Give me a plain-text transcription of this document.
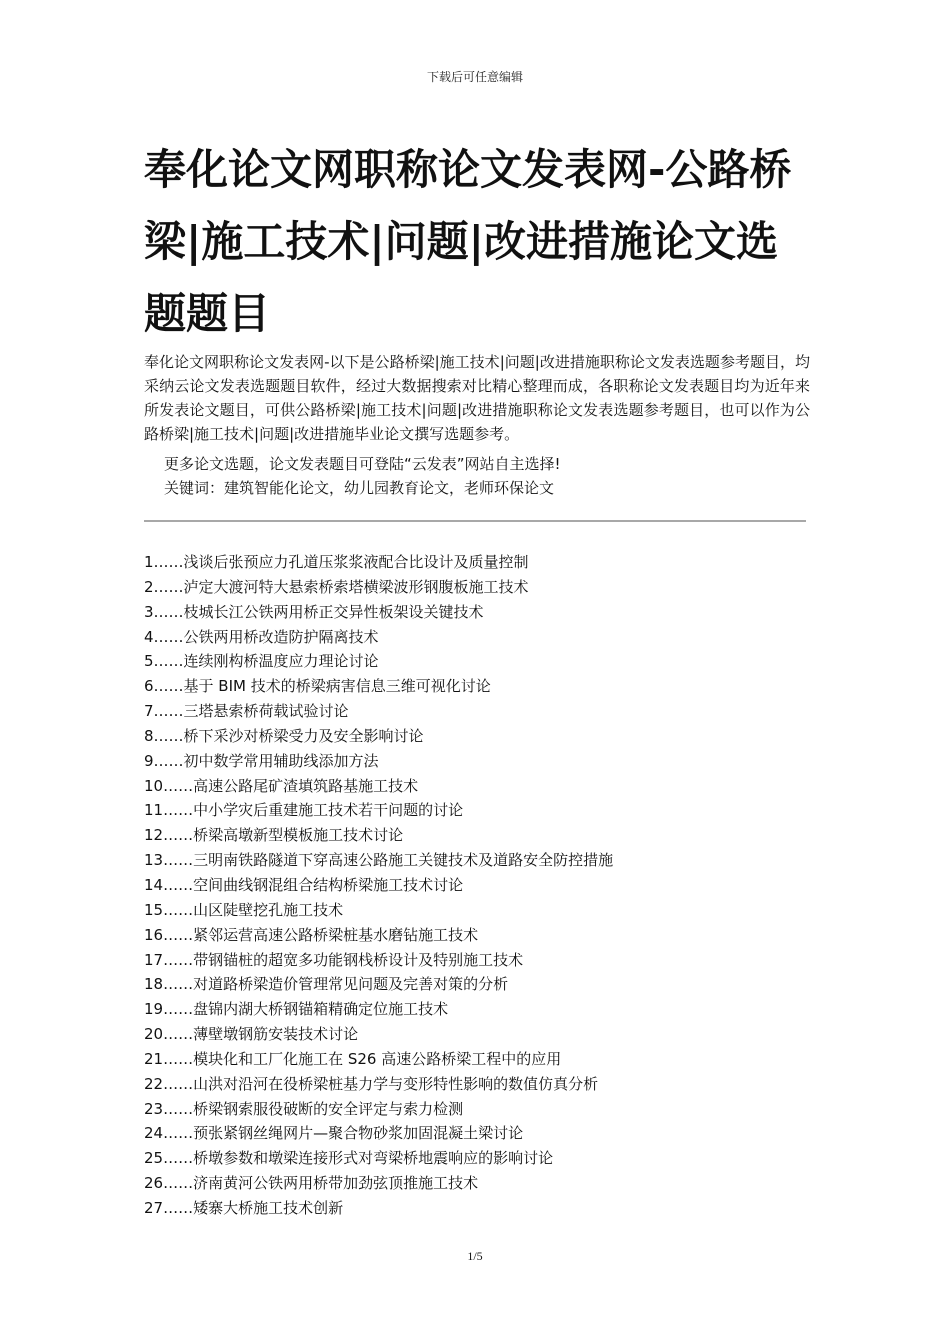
下载后可任意编辑
奉化论文网职称论文发表网-公路桥梁|施工技术|问题|改进措施论文选题题目

奉化论文网职称论文发表网-以下是公路桥梁|施工技术|问题|改进措施职称论文发表选题参考题目，均采纳云论文发表选题题目软件，经过大数据搜索对比精心整理而成，各职称论文发表题目均为近年来所发表论文题目，可供公路桥梁|施工技术|问题|改进措施职称论文发表选题参考题目，也可以作为公路桥梁|施工技术|问题|改进措施毕业论文撰写选题参考。

更多论文选题，论文发表题目可登陆“云发表”网站自主选择!

关键词：建筑智能化论文，幼儿园教育论文，老师环保论文

1……浅谈后张预应力孔道压浆浆液配合比设计及质量控制
2……泸定大渡河特大悬索桥索塔横梁波形钢腹板施工技术
3……枝城长江公铁两用桥正交异性板架设关键技术
4……公铁两用桥改造防护隔离技术
5……连续刚构桥温度应力理论讨论
6……基于 BIM 技术的桥梁病害信息三维可视化讨论
7……三塔悬索桥荷载试验讨论
8……桥下采沙对桥梁受力及安全影响讨论
9……初中数学常用辅助线添加方法
10……高速公路尾矿渣填筑路基施工技术
11……中小学灾后重建施工技术若干问题的讨论
12……桥梁高墩新型模板施工技术讨论
13……三明南铁路隧道下穿高速公路施工关键技术及道路安全防控措施
14……空间曲线钢混组合结构桥梁施工技术讨论
15……山区陡壁挖孔施工技术
16……紧邻运营高速公路桥梁桩基水磨钻施工技术
17……带钢锚桩的超宽多功能钢栈桥设计及特别施工技术
18……对道路桥梁造价管理常见问题及完善对策的分析
19……盘锦内湖大桥钢锚箱精确定位施工技术
20……薄壁墩钢筋安装技术讨论
21……模块化和工厂化施工在 S26 高速公路桥梁工程中的应用
22……山洪对沿河在役桥梁桩基力学与变形特性影响的数值仿真分析
23……桥梁钢索服役破断的安全评定与索力检测
24……预张紧钢丝绳网片—聚合物砂浆加固混凝土梁讨论
25……桥墩参数和墩梁连接形式对弯梁桥地震响应的影响讨论
26……济南黄河公铁两用桥带加劲弦顶推施工技术
27……矮寨大桥施工技术创新
1/5
